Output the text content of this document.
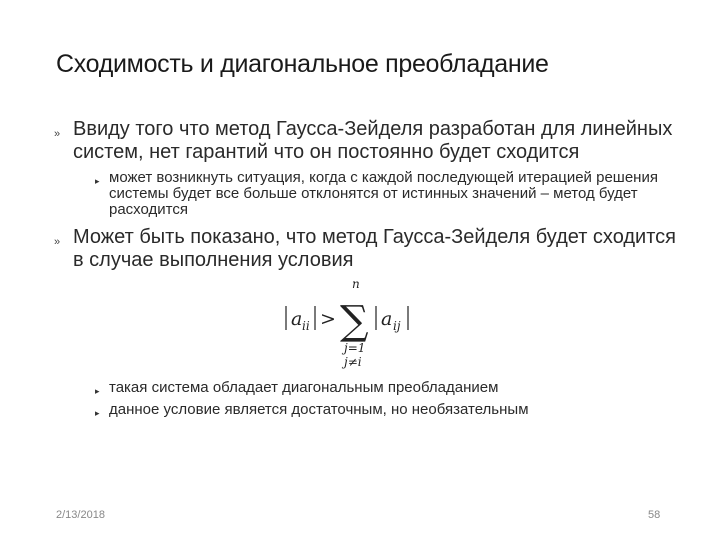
Сходимость и диагональное преобладание
» Ввиду того что метод Гаусса-Зейделя разработан для линейных систем, нет гарантий что он постоянно будет сходится
▸ может возникнуть ситуация, когда с каждой последующей итерацией решения системы будет все больше отклонятся от истинных значений – метод будет расходится
» Может быть показано, что метод Гаусса-Зейделя будет сходится в случае выполнения условия
a ii > ∑
n
j=1
j≠i
a ij
▸ такая система обладает диагональным преобладанием
▸ данное условие является достаточным, но необязательным
2/13/2018	58
